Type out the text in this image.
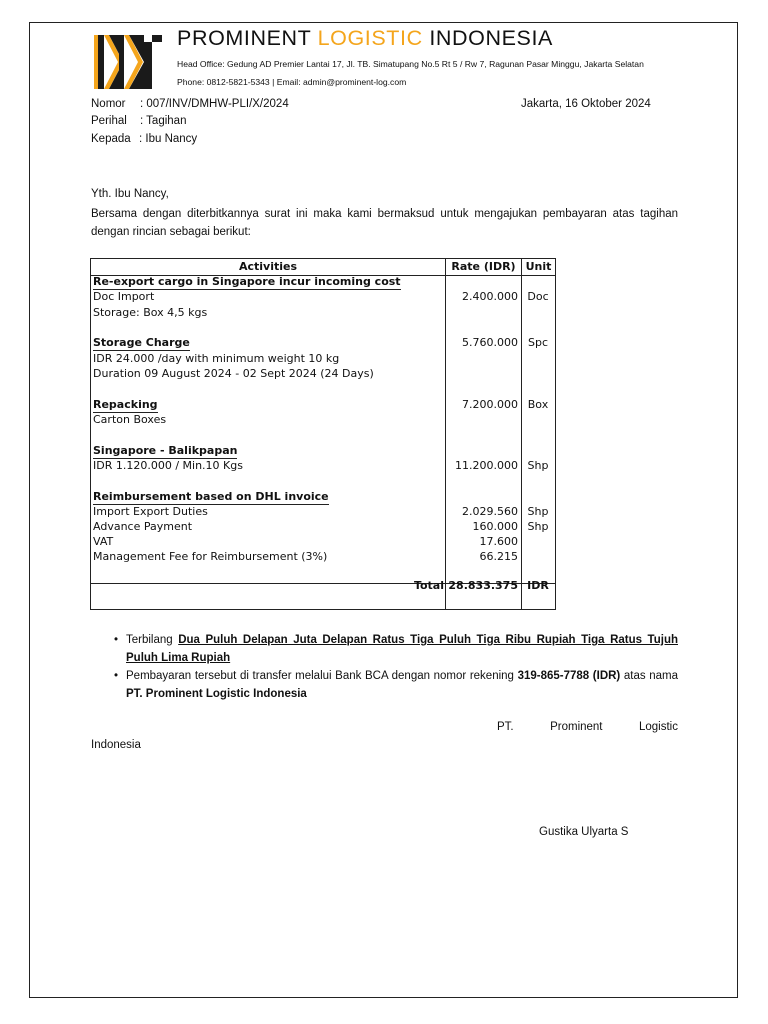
PROMINENT LOGISTIC INDONESIA
Head Office: Gedung AD Premier Lantai 17, Jl. TB. Simatupang No.5 Rt 5 / Rw 7, Ragunan Pasar Minggu, Jakarta Selatan
Phone: 0812-5821-5343 | Email: admin@prominent-log.com
Nomor : 007/INV/DMHW-PLI/X/2024	Jakarta, 16 Oktober 2024
Perihal : Tagihan
Kepada : Ibu Nancy
Yth. Ibu Nancy,
Bersama dengan diterbitkannya surat ini maka kami bermaksud untuk mengajukan pembayaran atas tagihan dengan rincian sebagai berikut:
Activities	Rate (IDR) Unit
Re-export cargo in Singapore incur incoming cost
Doc Import	2.400.000 Doc
Storage: Box 4,5 kgs
Storage Charge	5.760.000 Spc
IDR 24.000 /day with minimum weight 10 kg
Duration 09 August 2024 - 02 Sept 2024 (24 Days)
Repacking	7.200.000 Box
Carton Boxes
Singapore - Balikpapan
IDR 1.120.000 / Min.10 Kgs	11.200.000 Shp
Reimbursement based on DHL invoice
Import Export Duties	2.029.560 Shp
Advance Payment	160.000 Shp
VAT	17.600
Management Fee for Reimbursement (3%)	66.215
Total 28.833.375 IDR
• Terbilang Dua Puluh Delapan Juta Delapan Ratus Tiga Puluh Tiga Ribu Rupiah Tiga Ratus Tujuh Puluh Lima Rupiah
• Pembayaran tersebut di transfer melalui Bank BCA dengan nomor rekening 319-865-7788 (IDR) atas nama PT. Prominent Logistic Indonesia
PT.	Prominent	Logistic
Indonesia
Gustika Ulyarta S
